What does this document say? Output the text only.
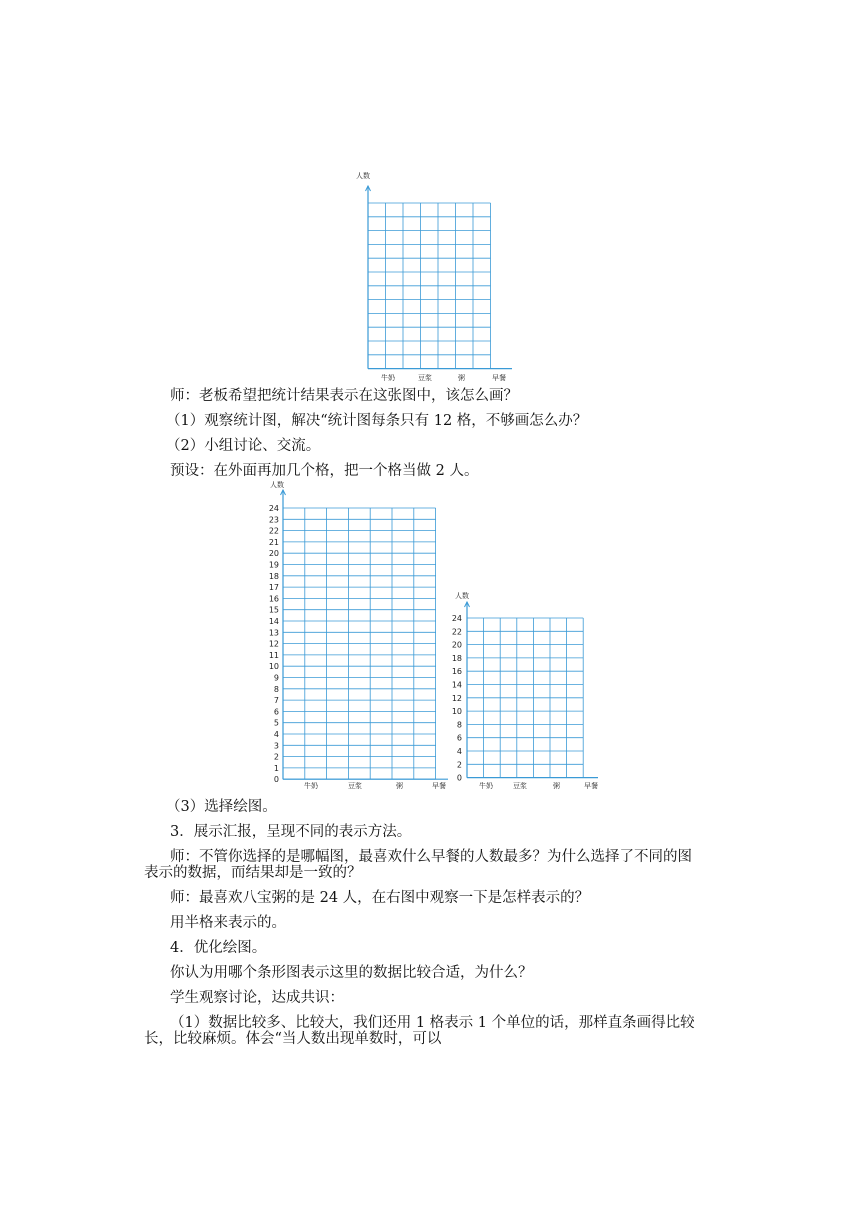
人数
牛奶	豆浆	粥	早餐
人数
牛奶	豆浆	粥	早餐
0
1
2
3
4
5
6
7
8
9
10
11
12
13
14
15
16
17
18
19
20
21
22
23
24
人数
牛奶	豆浆	粥	早餐
0
2
4
6
8
10
12
14
16
18
20
22
24
师：老板希望把统计结果表示在这张图中，该怎么画？
（1）观察统计图，解决“统计图每条只有 12 格，不够画怎么办？
（2）小组讨论、交流。
预设：在外面再加几个格，把一个格当做 2 人。
（3）选择绘图。
3．展示汇报，呈现不同的表示方法。
师：不管你选择的是哪幅图，最喜欢什么早餐的人数最多？为什么选择了不同的图
表示的数据，而结果却是一致的？
师：最喜欢八宝粥的是 24 人，在右图中观察一下是怎样表示的？
用半格来表示的。
4．优化绘图。
你认为用哪个条形图表示这里的数据比较合适，为什么？
学生观察讨论，达成共识：
（1）数据比较多、比较大，我们还用 1 格表示 1 个单位的话，那样直条画得比较
长，比较麻烦。体会“当人数出现单数时，可以
